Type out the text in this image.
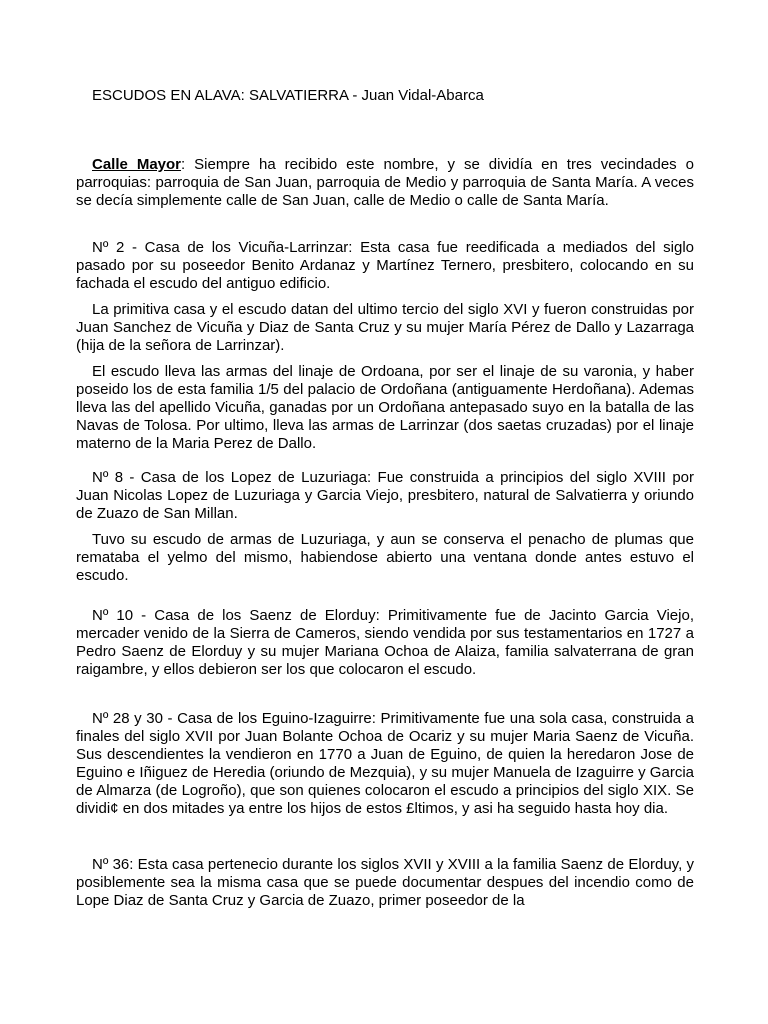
ESCUDOS EN ALAVA: SALVATIERRA - Juan Vidal-Abarca

Calle Mayor: Siempre ha recibido este nombre, y se dividía en tres vecindades o parroquias: parroquia de San Juan, parroquia de Medio y parroquia de Santa María. A veces se decía simplemente calle de San Juan, calle de Medio o calle de Santa María.

Nº 2 - Casa de los Vicuña-Larrinzar: Esta casa fue reedificada a mediados del siglo pasado por su poseedor Benito Ardanaz y Martínez Ternero, presbitero, colocando en su fachada el escudo del antiguo edificio.

La primitiva casa y el escudo datan del ultimo tercio del siglo XVI y fueron construidas por Juan Sanchez de Vicuña y Diaz de Santa Cruz y su mujer María Pérez de Dallo y Lazarraga (hija de la señora de Larrinzar).

El escudo lleva las armas del linaje de Ordoana, por ser el linaje de su varonia, y haber poseido los de esta familia 1/5 del palacio de Ordoñana (antiguamente Herdoñana). Ademas lleva las del apellido Vicuña, ganadas por un Ordoñana antepasado suyo en la batalla de las Navas de Tolosa. Por ultimo, lleva las armas de Larrinzar (dos saetas cruzadas) por el linaje materno de la Maria Perez de Dallo.

Nº 8 - Casa de los Lopez de Luzuriaga: Fue construida a principios del siglo XVIII por Juan Nicolas Lopez de Luzuriaga y Garcia Viejo, presbitero, natural de Salvatierra y oriundo de Zuazo de San Millan.

Tuvo su escudo de armas de Luzuriaga, y aun se conserva el penacho de plumas que remataba el yelmo del mismo, habiendose abierto una ventana donde antes estuvo el escudo.

Nº 10 - Casa de los Saenz de Elorduy: Primitivamente fue de Jacinto Garcia Viejo, mercader venido de la Sierra de Cameros, siendo vendida por sus testamentarios en 1727 a Pedro Saenz de Elorduy y su mujer Mariana Ochoa de Alaiza, familia salvaterrana de gran raigambre, y ellos debieron ser los que colocaron el escudo.

Nº 28 y 30 - Casa de los Eguino-Izaguirre: Primitivamente fue una sola casa, construida a finales del siglo XVII por Juan Bolante Ochoa de Ocariz y su mujer Maria Saenz de Vicuña. Sus descendientes la vendieron en 1770 a Juan de Eguino, de quien la heredaron Jose de Eguino e Iñiguez de Heredia (oriundo de Mezquia), y su mujer Manuela de Izaguirre y Garcia de Almarza (de Logroño), que son quienes colocaron el escudo a principios del siglo XIX. Se dividi¢ en dos mitades ya entre los hijos de estos £ltimos, y asi ha seguido hasta hoy dia.

Nº 36: Esta casa pertenecio durante los siglos XVII y XVIII a la familia Saenz de Elorduy, y posiblemente sea la misma casa que se puede documentar despues del incendio como de Lope Diaz de Santa Cruz y Garcia de Zuazo, primer poseedor de la
